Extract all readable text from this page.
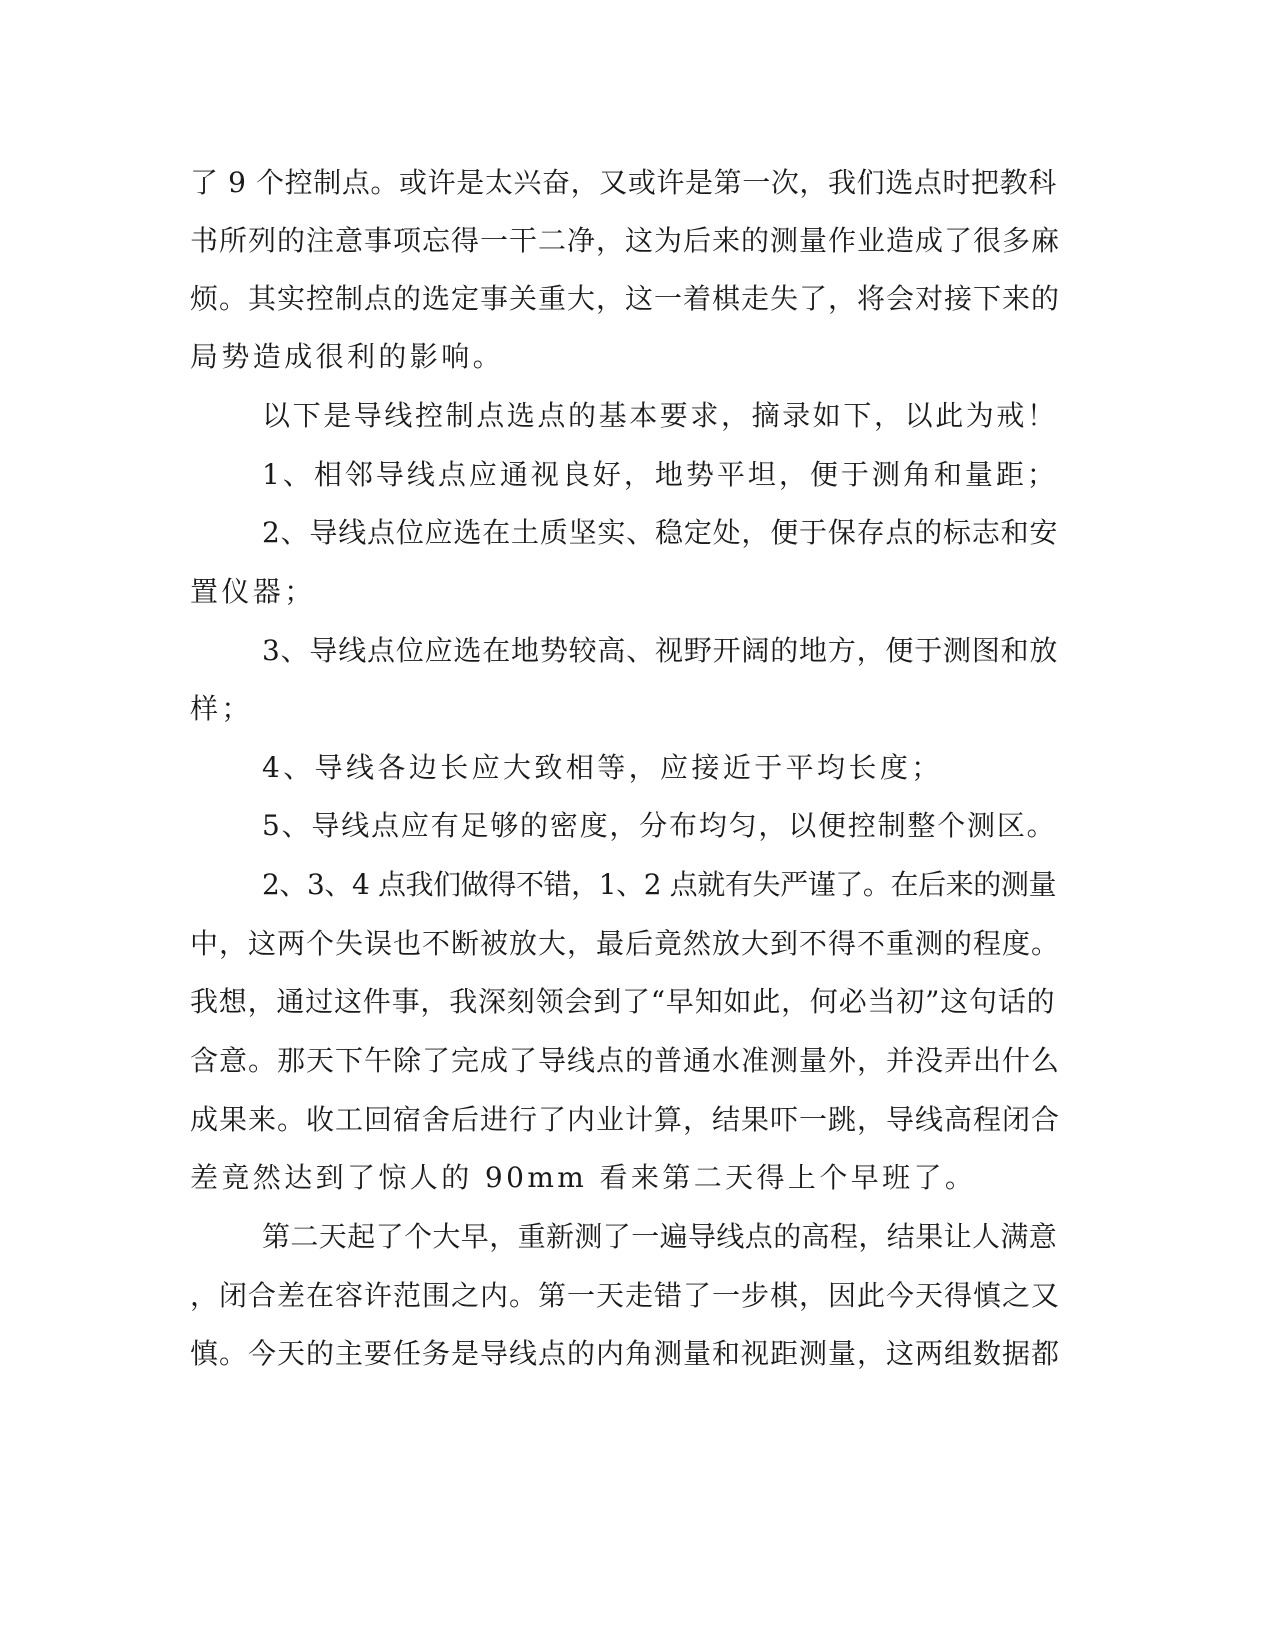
了 9 个控制点。或许是太兴奋，又或许是第一次，我们选点时把教科
书所列的注意事项忘得一干二净，这为后来的测量作业造成了很多麻
烦。其实控制点的选定事关重大，这一着棋走失了，将会对接下来的
局势造成很利的影响。
以下是导线控制点选点的基本要求，摘录如下，以此为戒！
1、相邻导线点应通视良好，地势平坦，便于测角和量距；
2、导线点位应选在土质坚实、稳定处，便于保存点的标志和安
置仪器；
3、导线点位应选在地势较高、视野开阔的地方，便于测图和放
样；
4、导线各边长应大致相等，应接近于平均长度；
5、导线点应有足够的密度，分布均匀，以便控制整个测区。
2、3、4 点我们做得不错，1、2 点就有失严谨了。在后来的测量
中，这两个失误也不断被放大，最后竟然放大到不得不重测的程度。
我想，通过这件事，我深刻领会到了“早知如此，何必当初”这句话的
含意。那天下午除了完成了导线点的普通水准测量外，并没弄出什么
成果来。收工回宿舍后进行了内业计算，结果吓一跳，导线高程闭合
差竟然达到了惊人的 90mm 看来第二天得上个早班了。
第二天起了个大早，重新测了一遍导线点的高程，结果让人满意
，闭合差在容许范围之内。第一天走错了一步棋，因此今天得慎之又
慎。今天的主要任务是导线点的内角测量和视距测量，这两组数据都
